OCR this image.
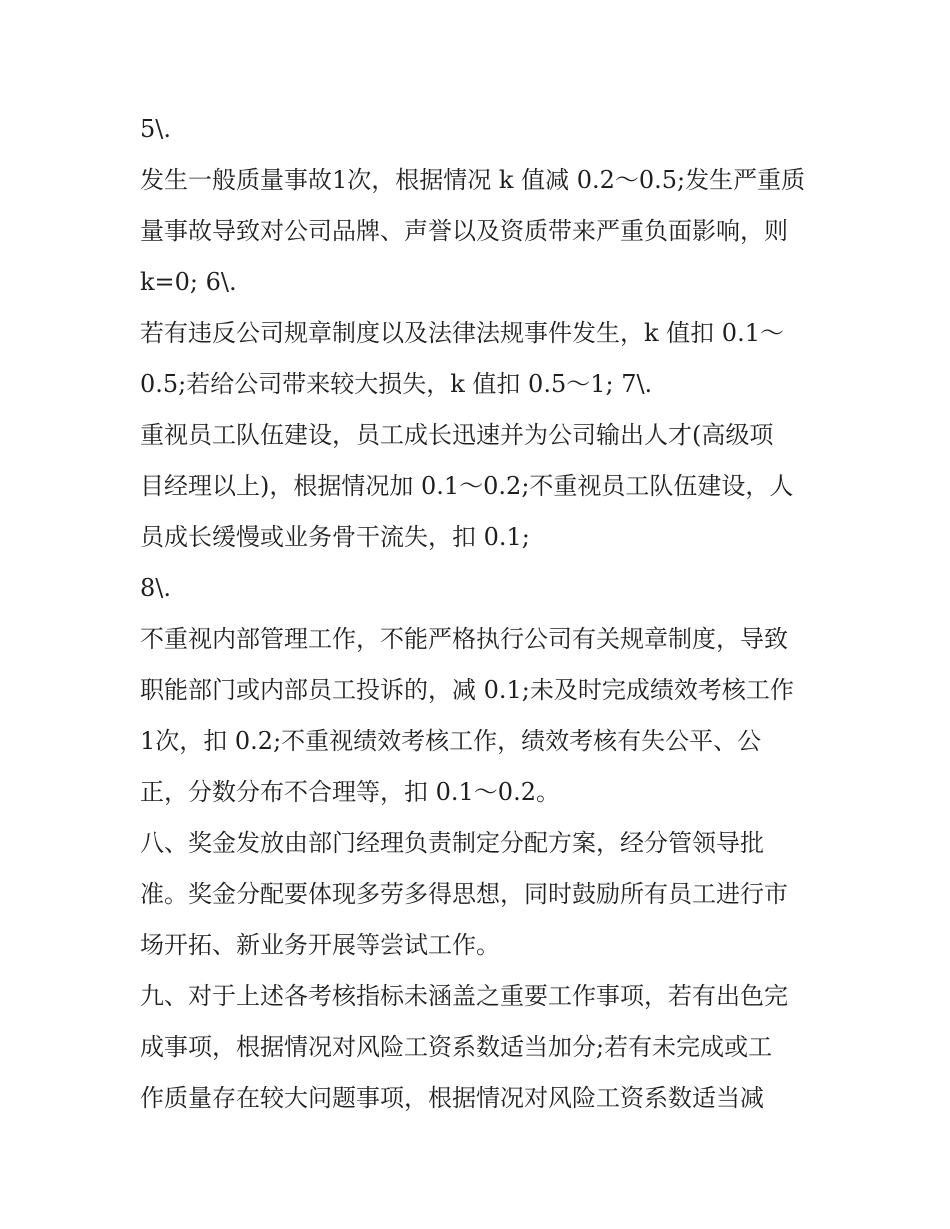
5\.

发生一般质量事故1次，根据情况 k 值减 0.2～0.5;发生严重质
量事故导致对公司品牌、声誉以及资质带来严重负面影响，则
k=0; 6\.

若有违反公司规章制度以及法律法规事件发生，k 值扣 0.1～
0.5;若给公司带来较大损失，k 值扣 0.5～1; 7\.

重视员工队伍建设，员工成长迅速并为公司输出人才(高级项
目经理以上)，根据情况加 0.1～0.2;不重视员工队伍建设，人
员成长缓慢或业务骨干流失，扣 0.1;

8\.

不重视内部管理工作，不能严格执行公司有关规章制度，导致
职能部门或内部员工投诉的，减 0.1;未及时完成绩效考核工作
1次，扣 0.2;不重视绩效考核工作，绩效考核有失公平、公
正，分数分布不合理等，扣 0.1～0.2。

八、奖金发放由部门经理负责制定分配方案，经分管领导批
准。奖金分配要体现多劳多得思想，同时鼓励所有员工进行市
场开拓、新业务开展等尝试工作。

九、对于上述各考核指标未涵盖之重要工作事项，若有出色完
成事项，根据情况对风险工资系数适当加分;若有未完成或工
作质量存在较大问题事项，根据情况对风险工资系数适当减
